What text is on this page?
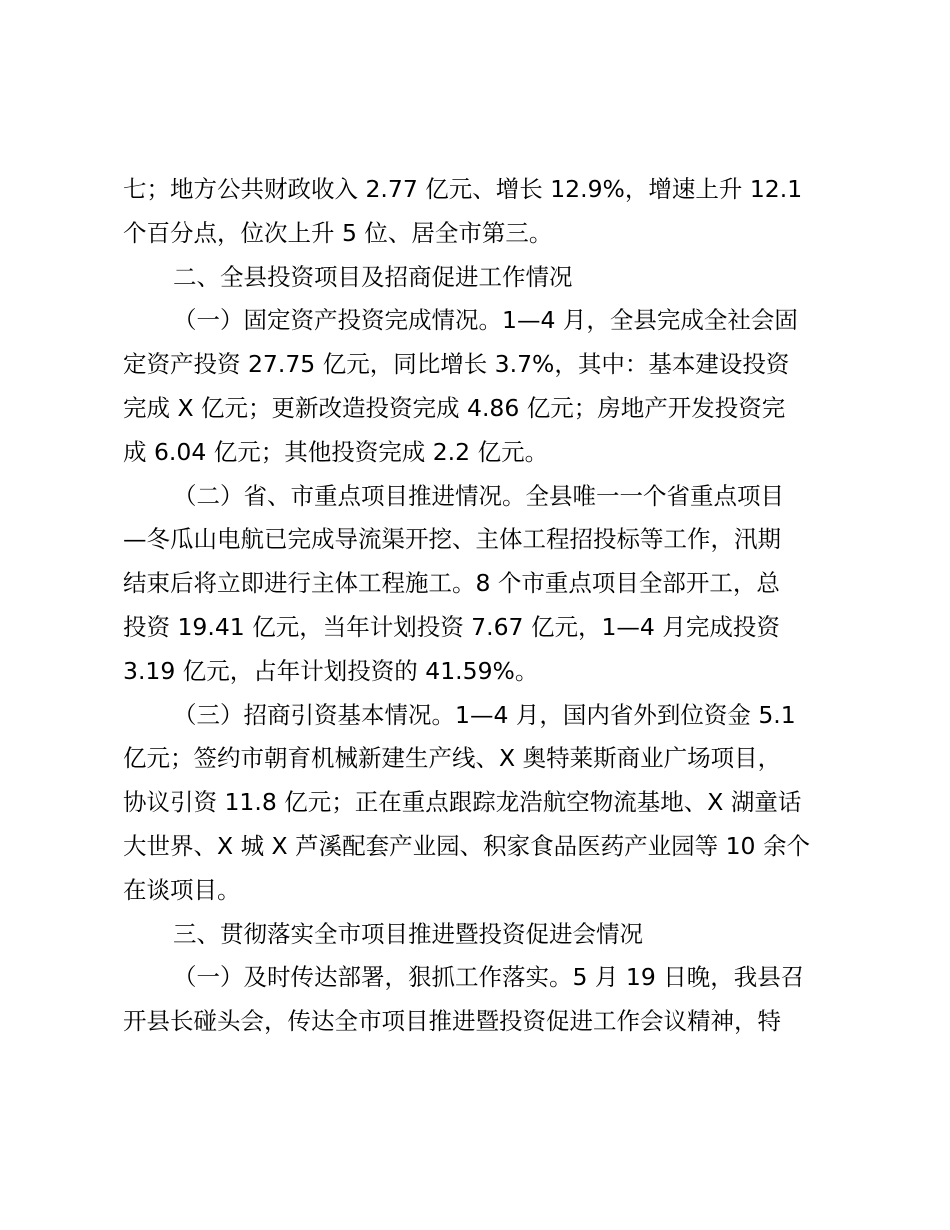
七；地方公共财政收入 2.77 亿元、增长 12.9%，增速上升 12.1
个百分点，位次上升 5 位、居全市第三。
二、全县投资项目及招商促进工作情况
（一）固定资产投资完成情况。1—4 月，全县完成全社会固
定资产投资 27.75 亿元，同比增长 3.7%，其中：基本建设投资
完成 X 亿元；更新改造投资完成 4.86 亿元；房地产开发投资完
成 6.04 亿元；其他投资完成 2.2 亿元。
（二）省、市重点项目推进情况。全县唯一一个省重点项目
—冬瓜山电航已完成导流渠开挖、主体工程招投标等工作，汛期
结束后将立即进行主体工程施工。8 个市重点项目全部开工，总
投资 19.41 亿元，当年计划投资 7.67 亿元，1—4 月完成投资
3.19 亿元，占年计划投资的 41.59%。
（三）招商引资基本情况。1—4 月，国内省外到位资金 5.1
亿元；签约市朝育机械新建生产线、X 奥特莱斯商业广场项目，
协议引资 11.8 亿元；正在重点跟踪龙浩航空物流基地、X 湖童话
大世界、X 城 X 芦溪配套产业园、积家食品医药产业园等 10 余个
在谈项目。
三、贯彻落实全市项目推进暨投资促进会情况
（一）及时传达部署，狠抓工作落实。5 月 19 日晚，我县召
开县长碰头会，传达全市项目推进暨投资促进工作会议精神，特
